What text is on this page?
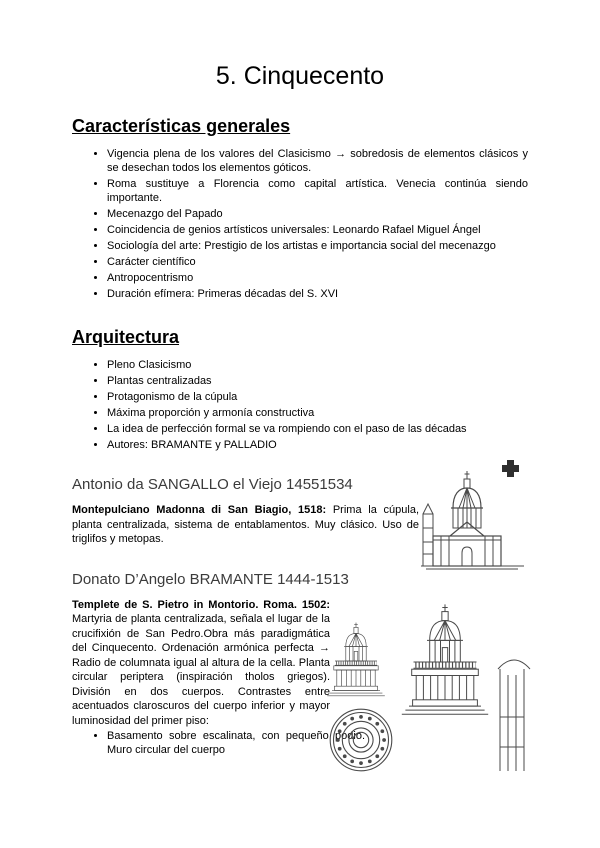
5. Cinquecento
Características generales
• Vigencia plena de los valores del Clasicismo → sobredosis de elementos clásicos y se desechan todos los elementos góticos.
• Roma sustituye a Florencia como capital artística. Venecia continúa siendo importante.
• Mecenazgo del Papado
• Coincidencia de genios artísticos universales: Leonardo Rafael Miguel Ángel
• Sociología del arte: Prestigio de los artistas e importancia social del mecenazgo
• Carácter científico
• Antropocentrismo
• Duración efímera: Primeras décadas del S. XVI
Arquitectura
• Pleno Clasicismo
• Plantas centralizadas
• Protagonismo de la cúpula
• Máxima proporción y armonía constructiva
• La idea de perfección formal se va rompiendo con el paso de las décadas
• Autores: BRAMANTE y PALLADIO
Antonio da SANGALLO el Viejo 14551534

Montepulciano Madonna di San Biagio, 1518: Prima la cúpula, planta centralizada, sistema de entablamentos. Muy clásico. Uso de triglifos y metopas.

Donato D’Angelo BRAMANTE 1444-1513

Templete de S. Pietro in Montorio. Roma. 1502: Martyria de planta centralizada, señala el lugar de la crucifixión de San Pedro.Obra más paradigmática del Cinquecento. Ordenación armónica perfecta → Radio de columnata igual al altura de la cella. Planta circular periptera (inspiración tholos griegos). División en dos cuerpos. Contrastes entre acentuados claroscuros del cuerpo inferior y mayor luminosidad del primer piso:

• Basamento sobre escalinata, con pequeño podio. Muro circular del cuerpo
